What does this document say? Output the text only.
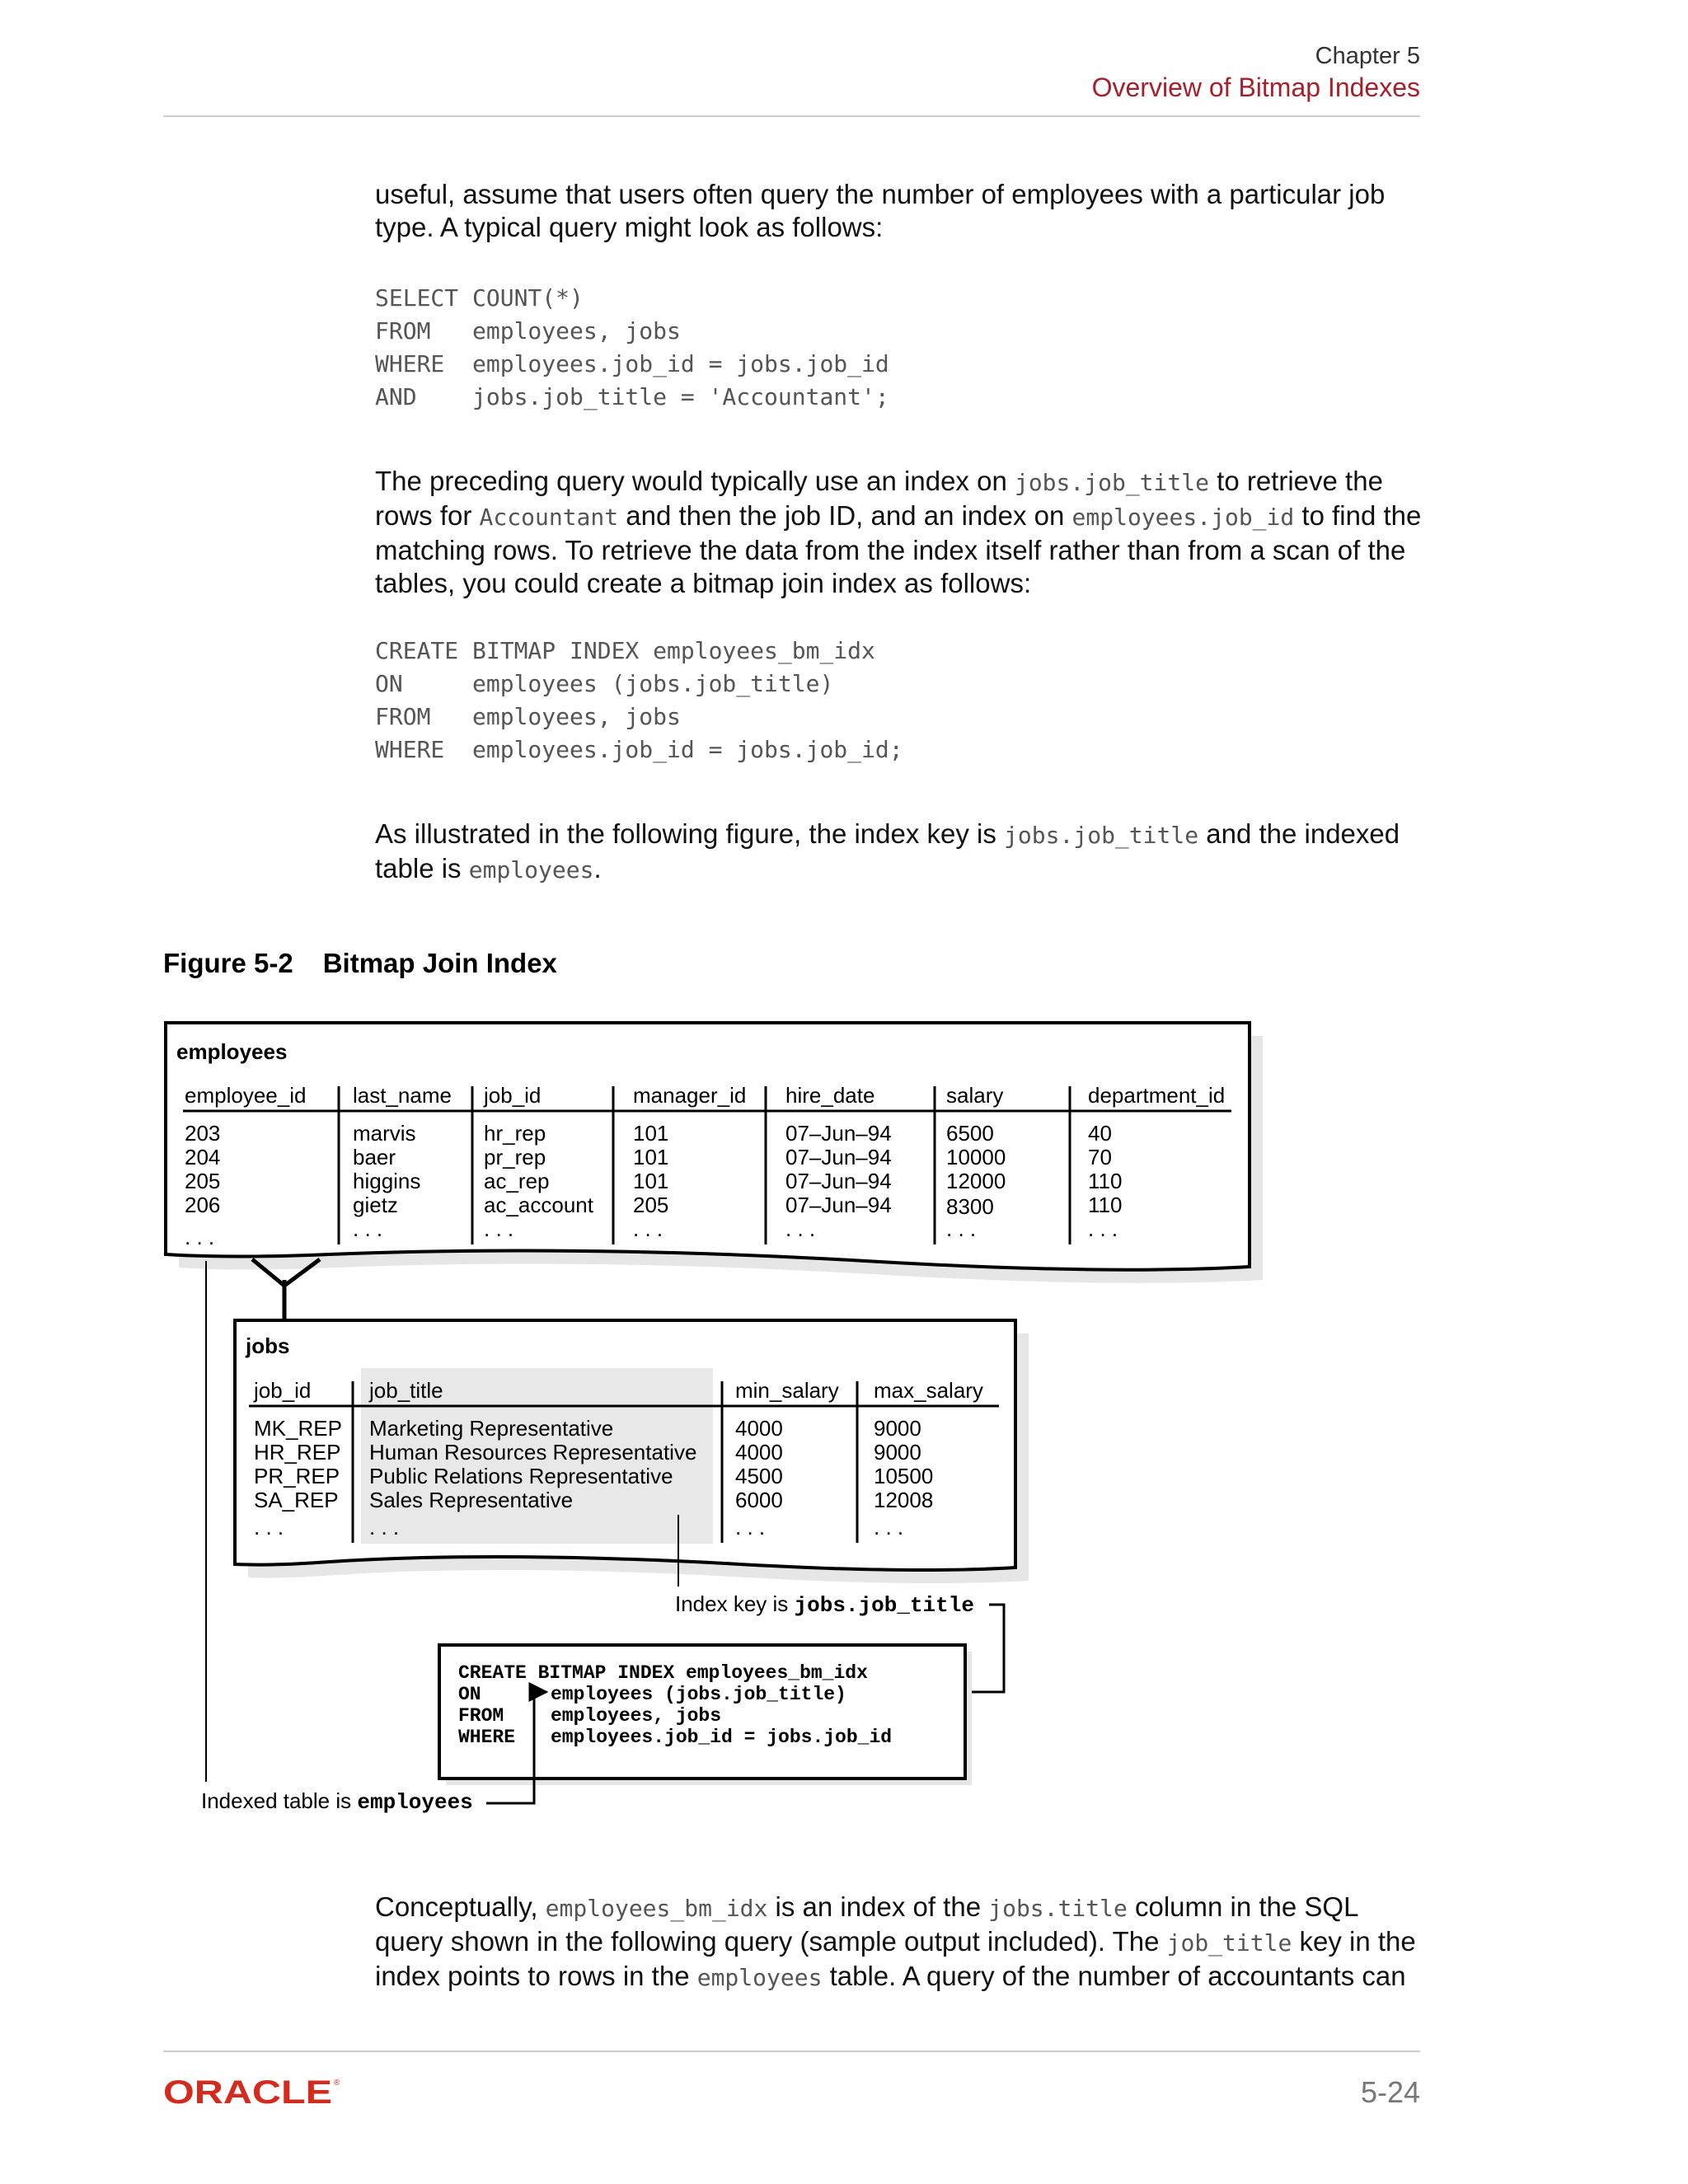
Chapter 5
Overview of Bitmap Indexes
useful, assume that users often query the number of employees with a particular job type. A typical query might look as follows:
SELECT COUNT(*)
FROM   employees, jobs
WHERE  employees.job_id = jobs.job_id
AND    jobs.job_title = 'Accountant';
The preceding query would typically use an index on jobs.job_title to retrieve the rows for Accountant and then the job ID, and an index on employees.job_id to find the matching rows. To retrieve the data from the index itself rather than from a scan of the tables, you could create a bitmap join index as follows:
CREATE BITMAP INDEX employees_bm_idx
ON     employees (jobs.job_title)
FROM   employees, jobs
WHERE  employees.job_id = jobs.job_id;
As illustrated in the following figure, the index key is jobs.job_title and the indexed table is employees.
Figure 5-2 Bitmap Join Index
employees
employee_id last_name job_id	manager_id hire_date	salary	department_id
203	marvis	hr_rep	101	07–Jun–94	6500	40
204	baer	pr_rep	101	07–Jun–94	10000	70
205	higgins	ac_rep	101	07–Jun–94	12000	110
206	gietz	ac_account 205	07–Jun–94	8300	110
. . .	. . .	. . .	. . .	. . .	. . .	. . .
jobs
job_id	job_title	min_salary max_salary
MK_REP Marketing Representative	4000	9000
HR_REP Human Resources Representative 4000	9000
PR_REP Public Relations Representative	4500	10500
SA_REP Sales Representative	6000	12008
. . .	. . .	. . .	. . .
Index key is jobs.job_title
CREATE BITMAP INDEX employees_bm_idx
ON	employees (jobs.job_title)
FROM employees, jobs
WHERE employees.job_id = jobs.job_id
Indexed table is employees
Conceptually, employees_bm_idx is an index of the jobs.title column in the SQL query shown in the following query (sample output included). The job_title key in the index points to rows in the employees table. A query of the number of accountants can
ORACLE ®	5-24
